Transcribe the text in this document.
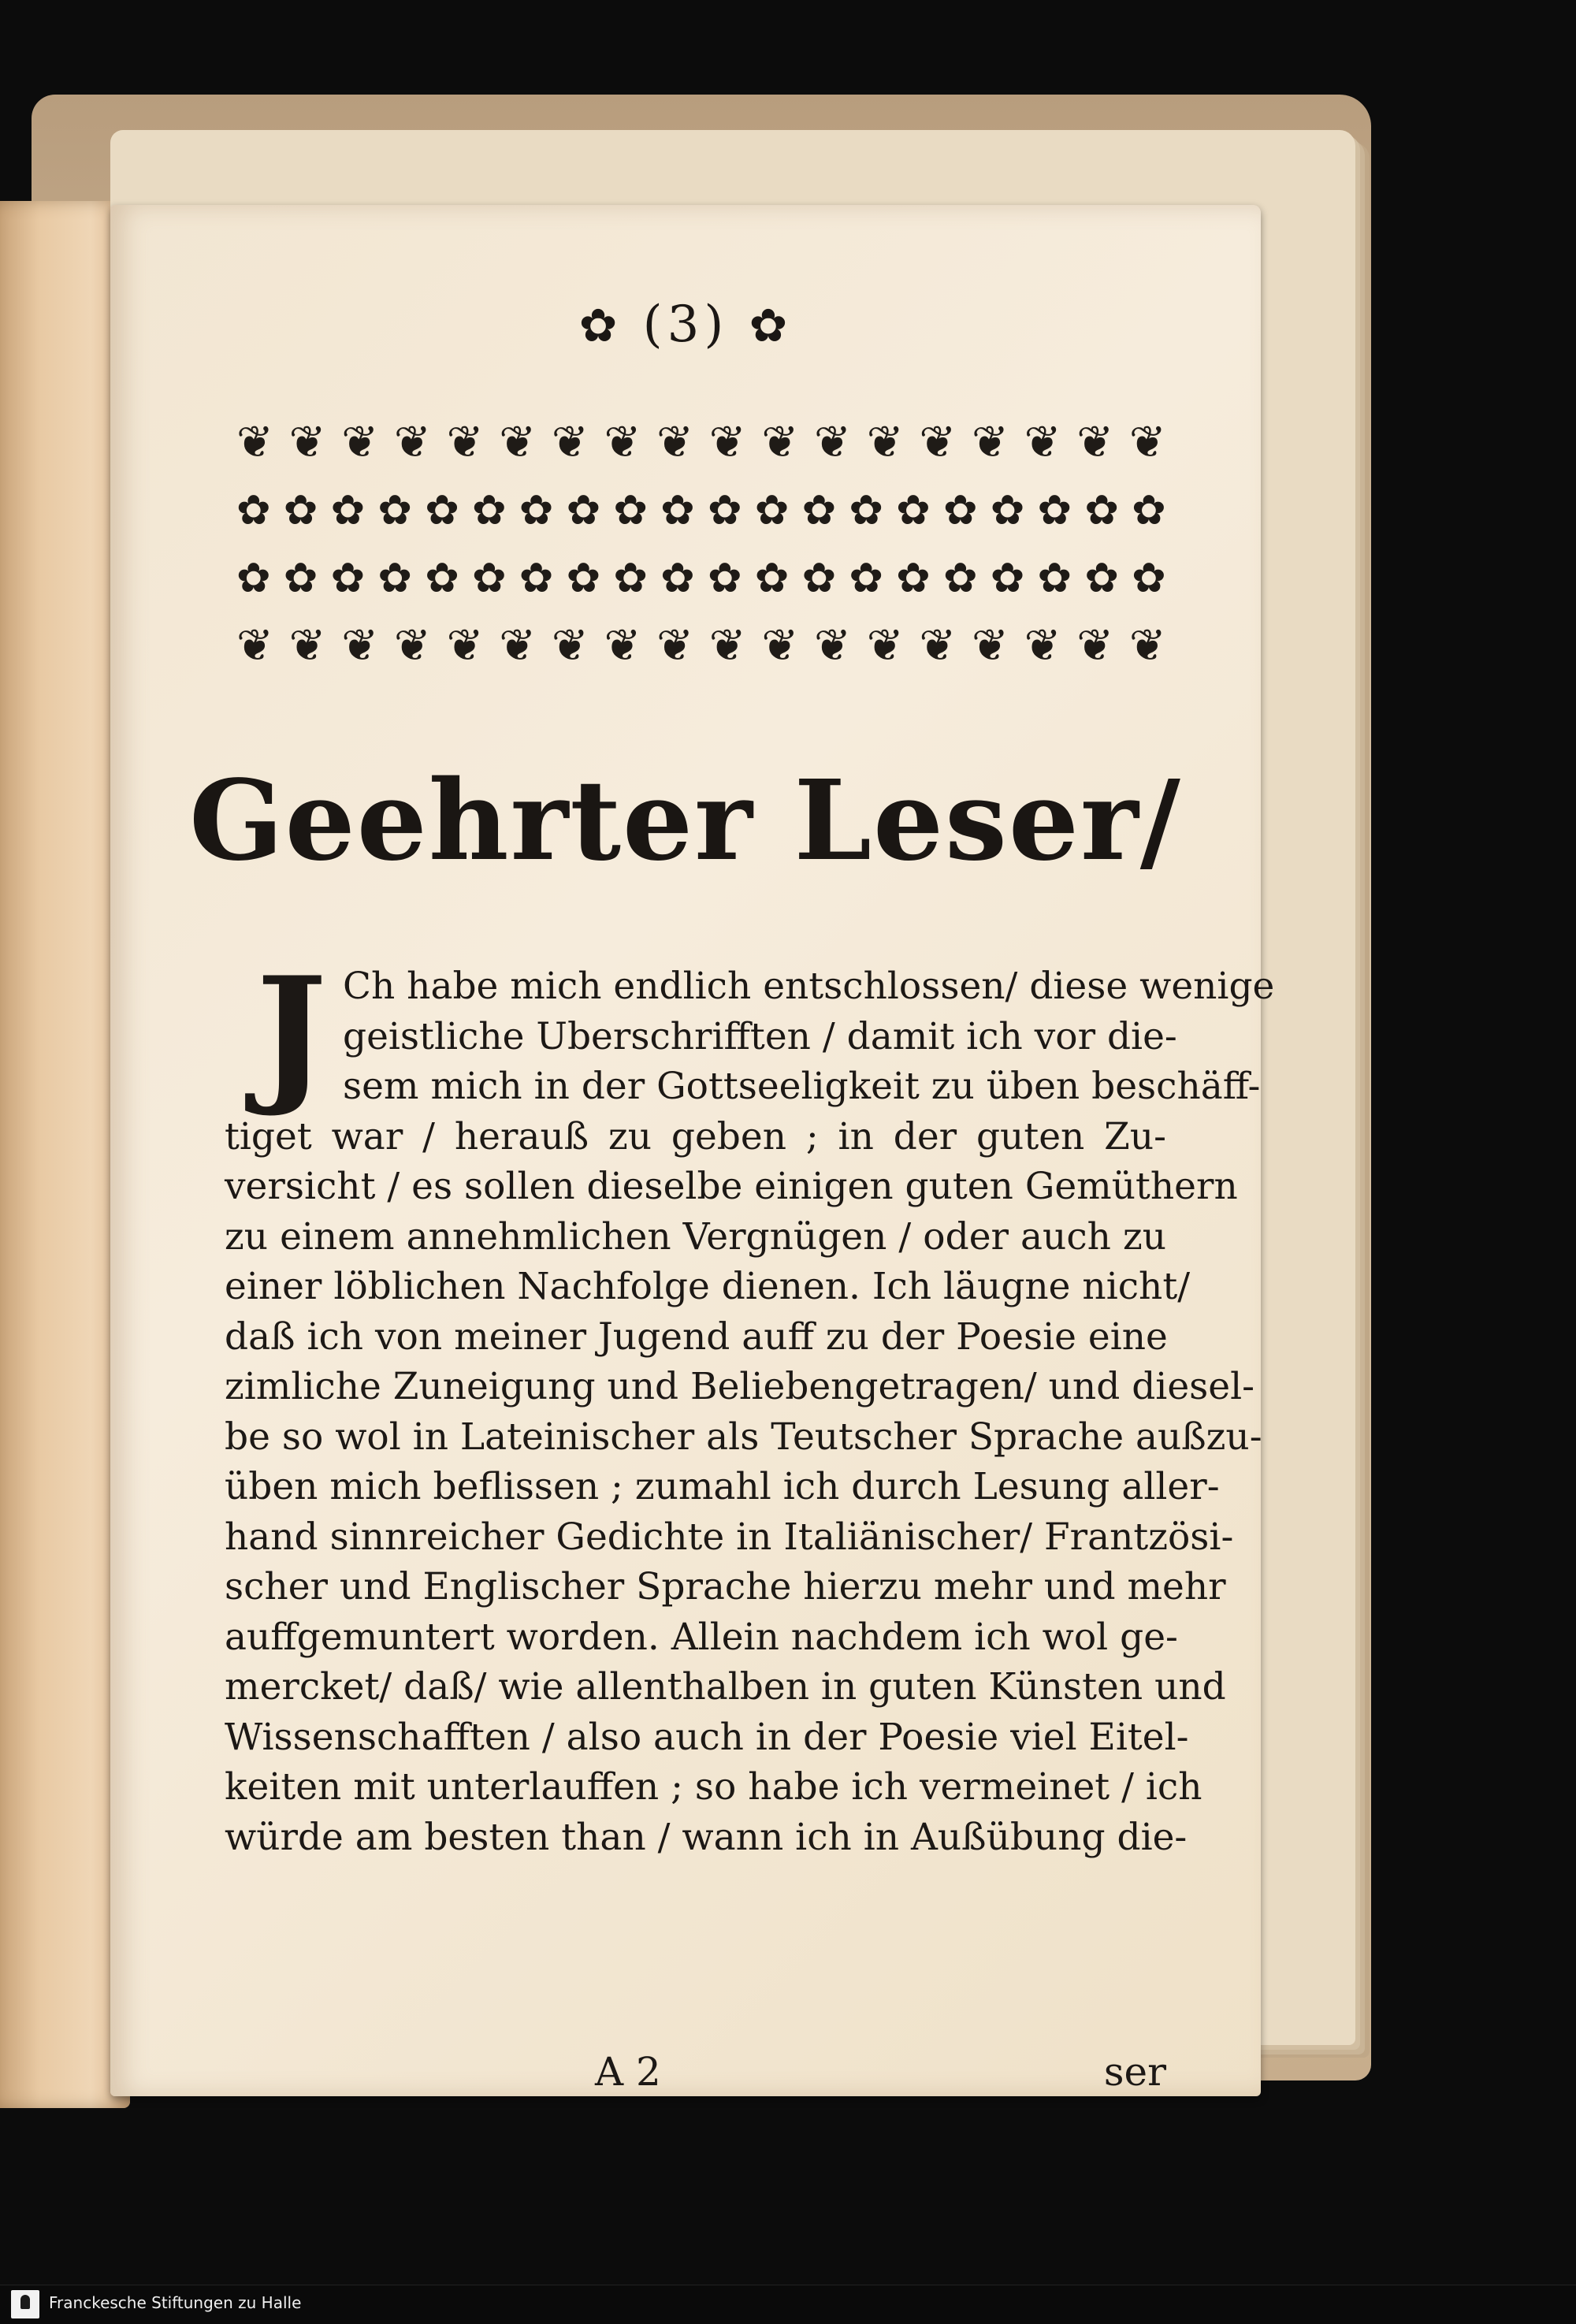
✿ (3) ✿
❦ ❦ ❦ ❦ ❦ ❦ ❦ ❦ ❦ ❦ ❦ ❦ ❦ ❦ ❦ ❦ ❦ ❦
✿ ✿ ✿ ✿ ✿ ✿ ✿ ✿ ✿ ✿ ✿ ✿ ✿ ✿ ✿ ✿ ✿ ✿ ✿ ✿
✿ ✿ ✿ ✿ ✿ ✿ ✿ ✿ ✿ ✿ ✿ ✿ ✿ ✿ ✿ ✿ ✿ ✿ ✿ ✿
❦ ❦ ❦ ❦ ❦ ❦ ❦ ❦ ❦ ❦ ❦ ❦ ❦ ❦ ❦ ❦ ❦ ❦
Geehrter Leser/
J Ch habe mich endlich entschlossen/ diese wenige
geistliche Uberschrifften / damit ich vor die-
sem mich in der Gottseeligkeit zu üben beschäff-
tiget war / herauß zu geben ; in der guten Zu-
versicht / es sollen dieselbe einigen guten Gemüthern
zu einem annehmlichen Vergnügen / oder auch zu
einer löblichen Nachfolge dienen. Ich läugne nicht/
daß ich von meiner Jugend auff zu der Poesie eine
zimliche Zuneigung und Beliebengetragen/ und diesel-
be so wol in Lateinischer als Teutscher Sprache außzu-
üben mich beflissen ; zumahl ich durch Lesung aller-
hand sinnreicher Gedichte in Italiänischer/ Frantzösi-
scher und Englischer Sprache hierzu mehr und mehr
auffgemuntert worden. Allein nachdem ich wol ge-
mercket/ daß/ wie allenthalben in guten Künsten und
Wissenschafften / also auch in der Poesie viel Eitel-
keiten mit unterlauffen ; so habe ich vermeinet / ich
würde am besten than / wann ich in Außübung die-
A 2	ser
Franckesche Stiftungen zu Halle
